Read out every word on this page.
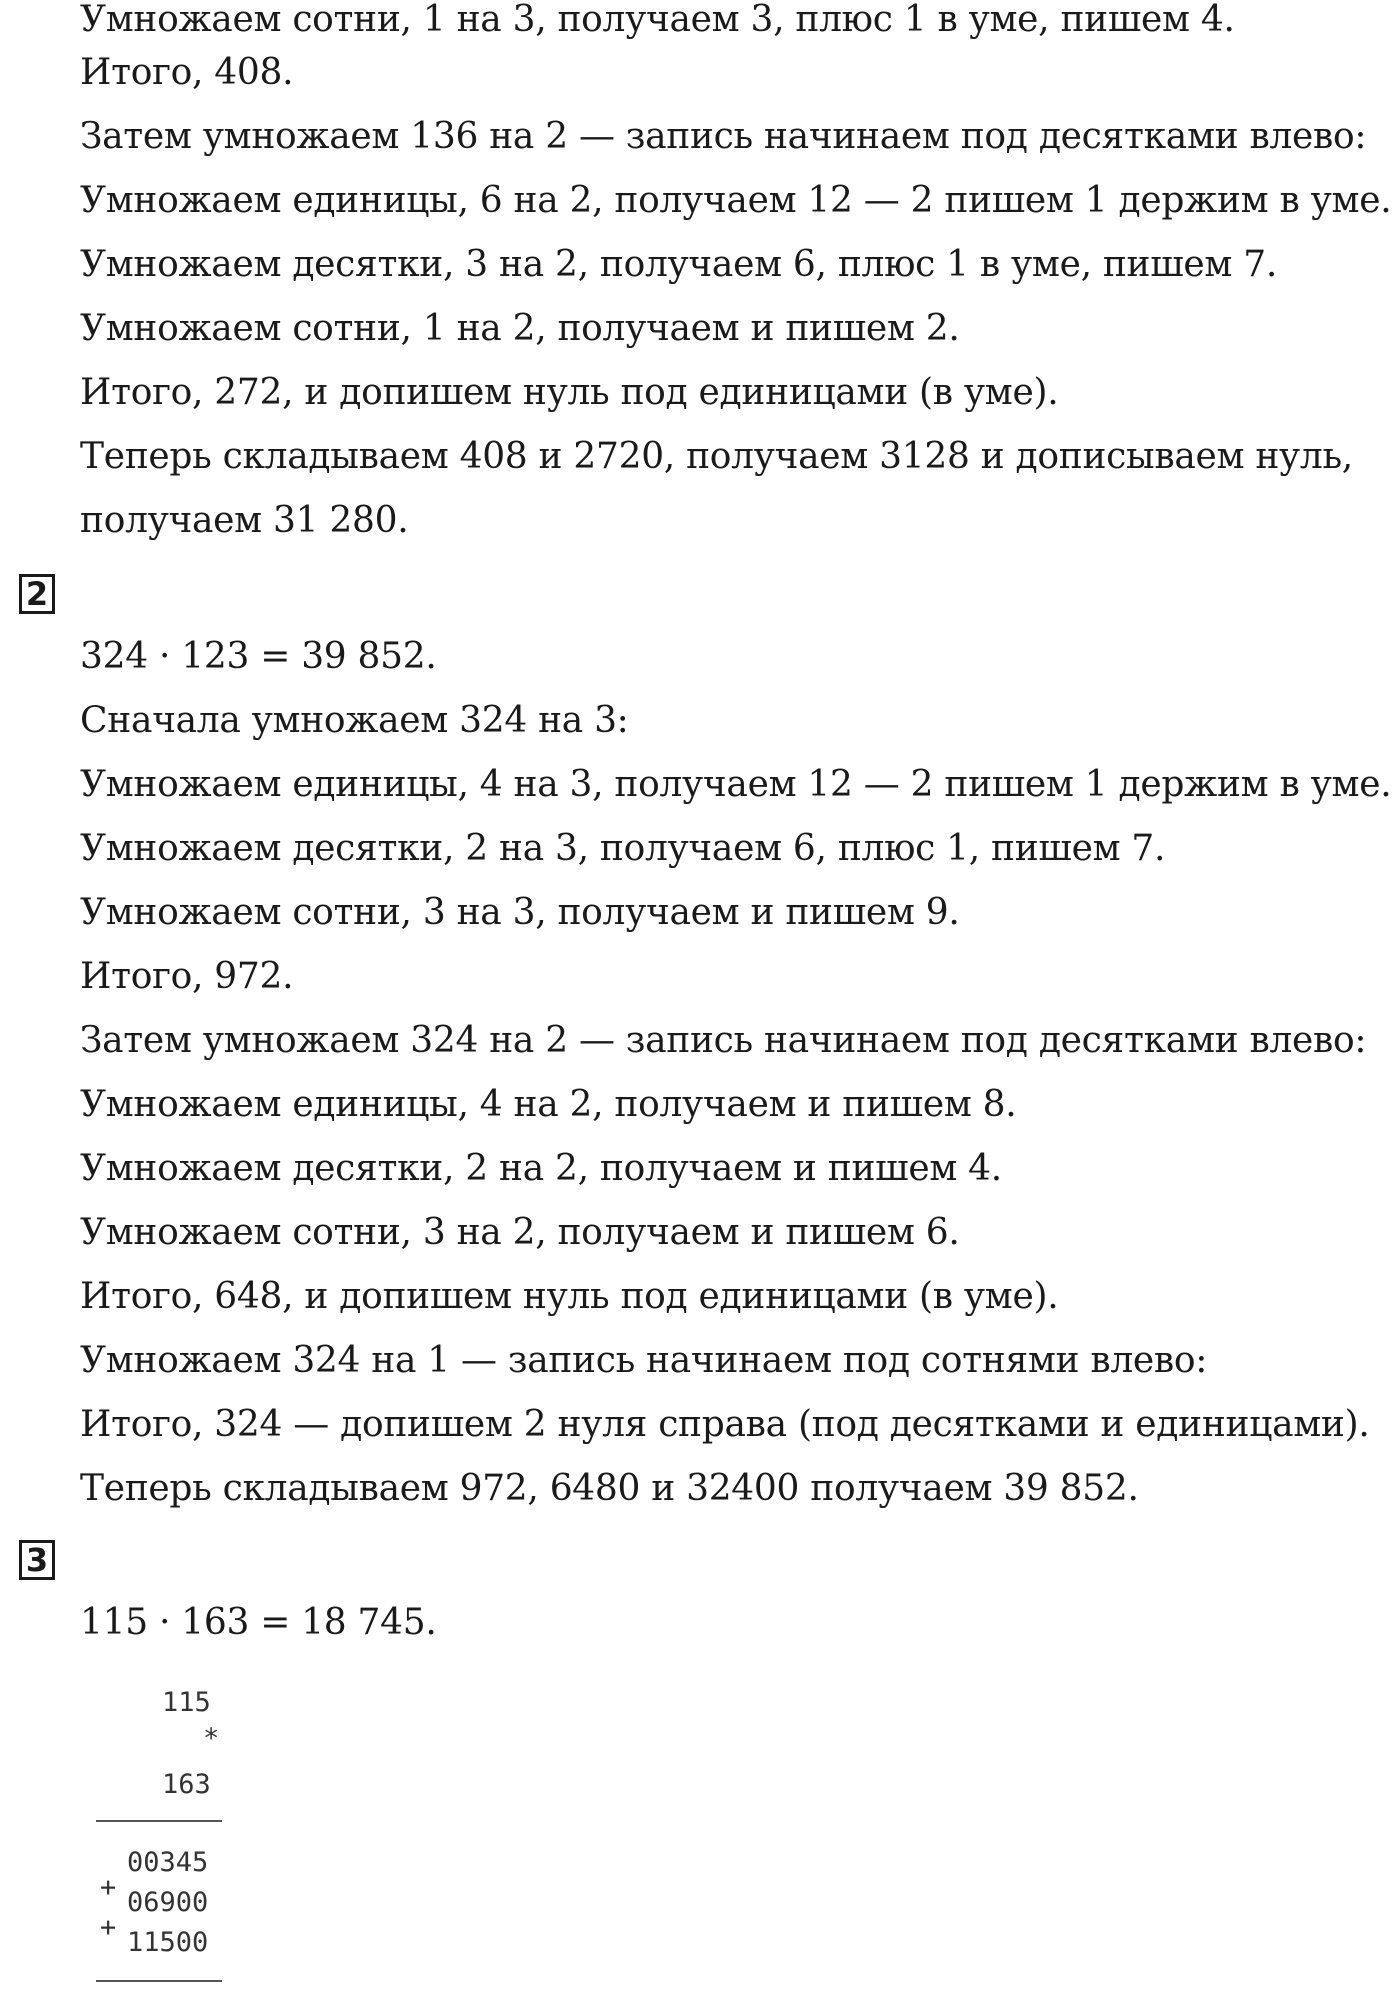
Умножаем сотни, 1 на 3, получаем 3, плюс 1 в уме, пишем 4.
Итого, 408.
Затем умножаем 136 на 2 — запись начинаем под десятками влево:
Умножаем единицы, 6 на 2, получаем 12 — 2 пишем 1 держим в уме.
Умножаем десятки, 3 на 2, получаем 6, плюс 1 в уме, пишем 7.
Умножаем сотни, 1 на 2, получаем и пишем 2.
Итого, 272, и допишем нуль под единицами (в уме).
Теперь складываем 408 и 2720, получаем 3128 и дописываем нуль,
получаем 31 280.
2
324 · 123 = 39 852.
Сначала умножаем 324 на 3:
Умножаем единицы, 4 на 3, получаем 12 — 2 пишем 1 держим в уме.
Умножаем десятки, 2 на 3, получаем 6, плюс 1, пишем 7.
Умножаем сотни, 3 на 3, получаем и пишем 9.
Итого, 972.
Затем умножаем 324 на 2 — запись начинаем под десятками влево:
Умножаем единицы, 4 на 2, получаем и пишем 8.
Умножаем десятки, 2 на 2, получаем и пишем 4.
Умножаем сотни, 3 на 2, получаем и пишем 6.
Итого, 648, и допишем нуль под единицами (в уме).
Умножаем 324 на 1 — запись начинаем под сотнями влево:
Итого, 324 — допишем 2 нуля справа (под десятками и единицами).
Теперь складываем 972, 6480 и 32400 получаем 39 852.
3
115 · 163 = 18 745.
115
*
163
00345
+ 06900
+ 11500
